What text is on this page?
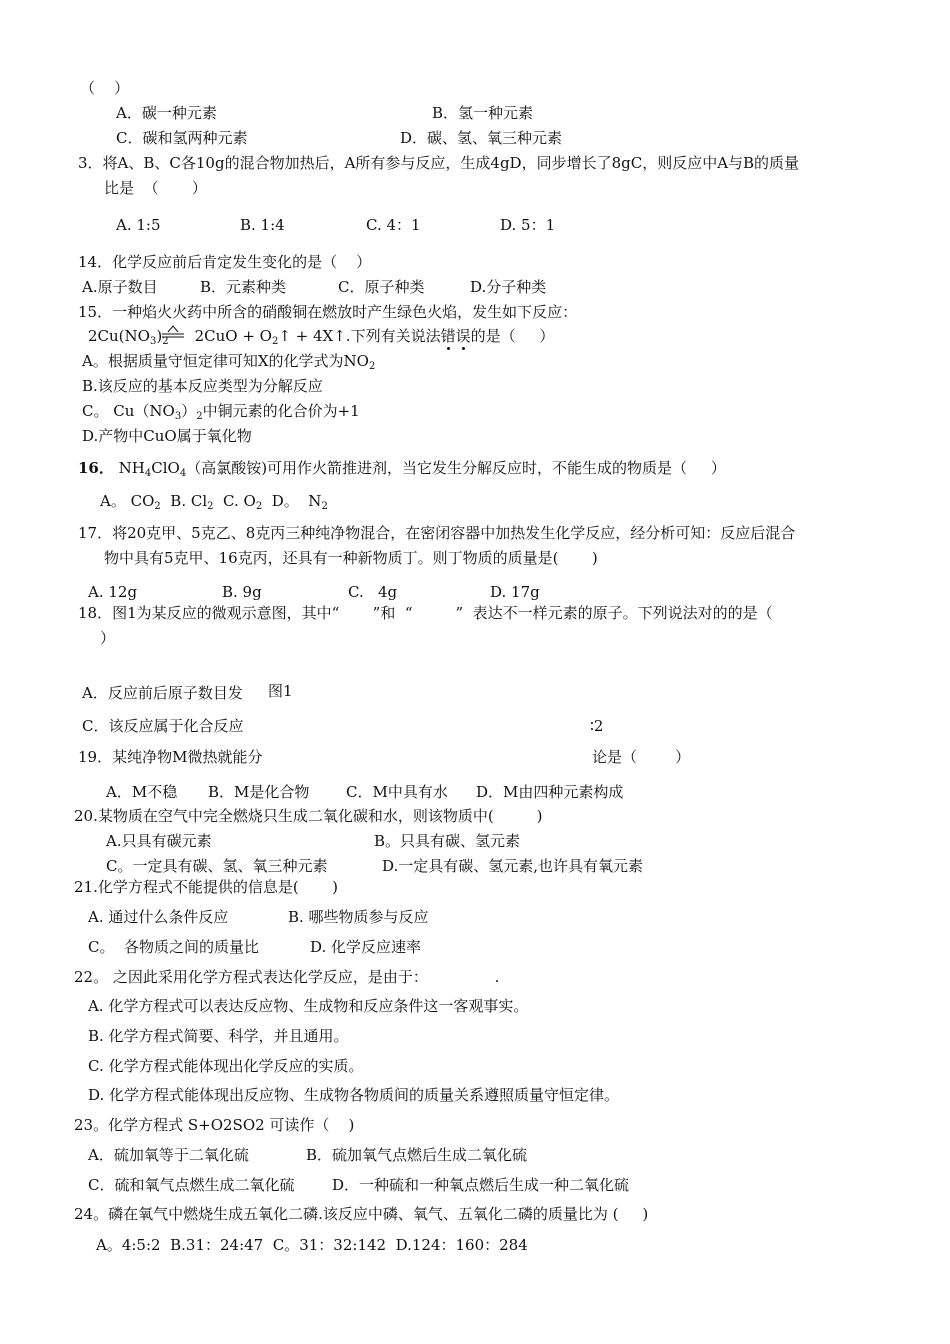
（    ）
A．碳一种元素	B．氢一种元素
C．碳和氢两种元素	D．碳、氢、氧三种元素
3．将A、B、C各10g的混合物加热后，A所有参与反应，生成4gD，同步增长了8gC，则反应中A与B的质量
比是  （       ）
A. 1:5	B. 1:4	C. 4：1	D. 5：1
14．化学反应前后肯定发生变化的是（    ）
A.原子数目	B．元素种类	C．原子种类	D.分子种类
15．一种焰火火药中所含的硝酸铜在燃放时产生绿色火焰，发生如下反应：
$2Cu(NO_3)_2$ $2CuO + O_2↑$ + 4X↑.下列有关说法错误
的是（     ）
A。根据质量守恒定律可知X的化学式为$NO_2$
B.该反应的基本反应类型为分解反应
C。 $Cu(NO_3)_2$中铜元素的化合价为+1
D.产物中CuO属于氧化物
16． $NH_4ClO_4$（高氯酸铵)可用作火箭推进剂，当它发生分解反应时，不能生成的物质是（     ）
A。 $CO_2$  B. $Cl_2$  C. $O_2$  D。  $N_2$
17．将20克甲、5克乙、8克丙三种纯净物混合，在密闭容器中加热发生化学反应，经分析可知：反应后混合
物中具有5克甲、16克丙，还具有一种新物质丁。则丁物质的质量是(       )
A. 12g	B. 9g	C.   4g	D. 17g
18．图1为某反应的微观示意图，其中“       ”和  “         ”  表达不一样元素的原子。下列说法对的的是（
）
A．反应前后原子数目发 图1
C．该反应属于化合反应	∶2
19．某纯净物M微热就能分	论是（        ）
A．M不稳 B．M是化合物 C．M中具有水 D．M由四种元素构成
20.某物质在空气中完全燃烧只生成二氧化碳和水，则该物质中(         )
A.只具有碳元素	B。只具有碳、氢元素
C。一定具有碳、氢、氧三种元素	D.一定具有碳、氢元素,也许具有氧元素
21.化学方程式不能提供的信息是(       )
A. 通过什么条件反应	B. 哪些物质参与反应
C。  各物质之间的质量比	D. 化学反应速率
22。 之因此采用化学方程式表达化学反应，是由于：              .
A. 化学方程式可以表达反应物、生成物和反应条件这一客观事实。
B. 化学方程式简要、科学，并且通用。
C. 化学方程式能体现出化学反应的实质。
D. 化学方程式能体现出反应物、生成物各物质间的质量关系遵照质量守恒定律。
23。化学方程式 S+O2SO2 可读作（    )
A．硫加氧等于二氧化硫	B．硫加氧气点燃后生成二氧化硫
C．硫和氧气点燃生成二氧化硫	D．一种硫和一种氧点燃后生成一种二氧化硫
24。磷在氧气中燃烧生成五氧化二磷.该反应中磷、氧气、五氧化二磷的质量比为 (     )
A。4:5:2  B.31：24:47  C。31：32:142  D.124：160：284
